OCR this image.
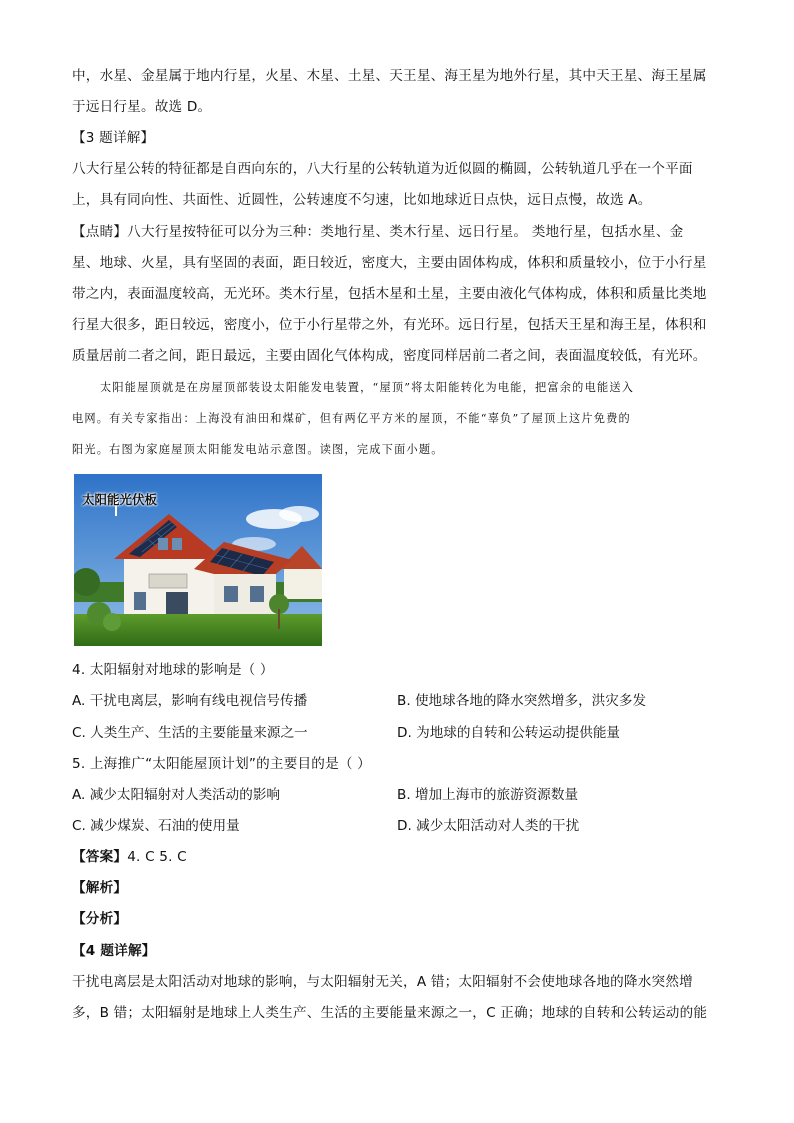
中，水星、金星属于地内行星，火星、木星、土星、天王星、海王星为地外行星，其中天王星、海王星属
于远日行星。故选 D。
【3 题详解】
八大行星公转的特征都是自西向东的，八大行星的公转轨道为近似圆的椭圆，公转轨道几乎在一个平面
上，具有同向性、共面性、近圆性，公转速度不匀速，比如地球近日点快，远日点慢，故选 A。
【点睛】八大行星按特征可以分为三种：类地行星、类木行星、远日行星。 类地行星，包括水星、金
星、地球、火星，具有坚固的表面，距日较近，密度大，主要由固体构成，体积和质量较小，位于小行星
带之内，表面温度较高，无光环。类木行星，包括木星和土星，主要由液化气体构成，体积和质量比类地
行星大很多，距日较远，密度小，位于小行星带之外，有光环。远日行星，包括天王星和海王星，体积和
质量居前二者之间，距日最远，主要由固化气体构成，密度同样居前二者之间，表面温度较低，有光环。
太阳能屋顶就是在房屋顶部装设太阳能发电装置，“屋顶”将太阳能转化为电能，把富余的电能送入
电网。有关专家指出：上海没有油田和煤矿，但有两亿平方米的屋顶，不能“辜负”了屋顶上这片免费的
阳光。右图为家庭屋顶太阳能发电站示意图。读图，完成下面小题。
太阳能光伏板
4. 太阳辐射对地球的影响是（ ）
A. 干扰电离层，影响有线电视信号传播	B. 使地球各地的降水突然增多，洪灾多发
C. 人类生产、生活的主要能量来源之一	D. 为地球的自转和公转运动提供能量
5. 上海推广“太阳能屋顶计划”的主要目的是（ ）
A. 减少太阳辐射对人类活动的影响	B. 增加上海市的旅游资源数量
C. 减少煤炭、石油的使用量	D. 减少太阳活动对人类的干扰
【答案】4. C 5. C
【解析】
【分析】
【4 题详解】
干扰电离层是太阳活动对地球的影响，与太阳辐射无关，A 错；太阳辐射不会使地球各地的降水突然增
多，B 错；太阳辐射是地球上人类生产、生活的主要能量来源之一，C 正确；地球的自转和公转运动的能
